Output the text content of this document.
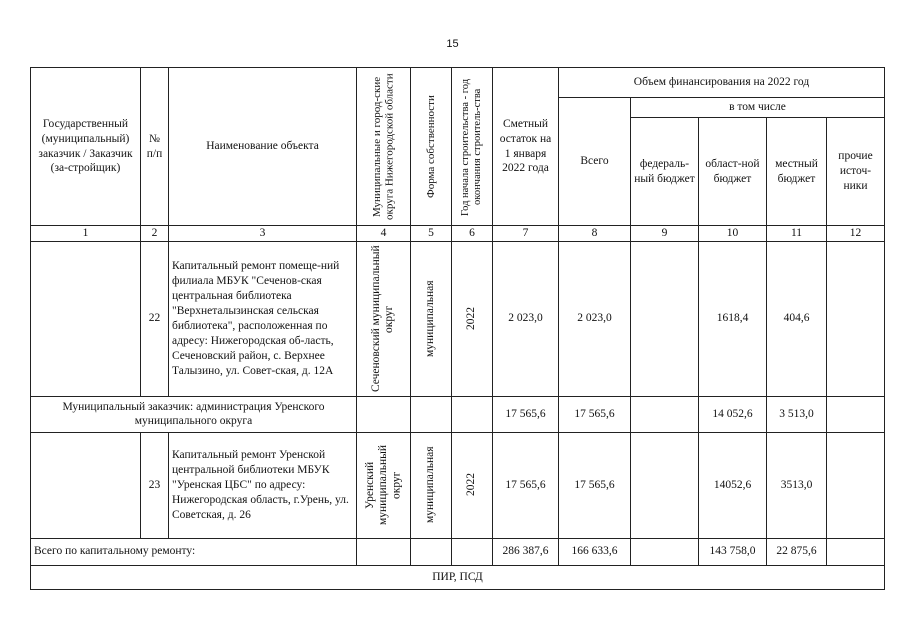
15
Государственный (муниципальный) заказчик / Заказчик (за-стройщик)	№ п/п	Наименование объекта	Муниципальные и город-ские округа Нижегородской области	Форма собственности	Год начала строительства - год окончания строитель-ства	Сметный остаток на 1 января 2022 года	Объем финансирования на 2022 год				
							Всего	в том числе			
								федераль-ный бюджет	област-ной бюджет	местный бюджет	прочие источ-ники

1	2	3	4	5	6	7	8	9	10	11	12
	22	Капитальный ремонт помеще-ний филиала МБУК "Сеченов-ская центральная библиотека "Верхнеталызинская сельская библиотека", расположенная по адресу: Нижегородская об-ласть, Сеченовский район, с. Верхнее Талызино, ул. Совет-ская, д. 12А	Сеченовский муниципальный округ	муниципальная	2022	2 023,0	2 023,0		1618,4	404,6	
Муниципальный заказчик: администрация Уренского муниципального округа						17 565,6	17 565,6		14 052,6	3 513,0	
	23	Капитальный ремонт Уренской центральной библиотеки МБУК "Уренская ЦБС" по адресу: Нижегородская область, г.Урень, ул. Советская, д. 26	Уренский муниципальный округ	муниципальная	2022	17 565,6	17 565,6		14052,6	3513,0	
Всего по капитальному ремонту:						286 387,6	166 633,6		143 758,0	22 875,6	
ПИР, ПСД											
